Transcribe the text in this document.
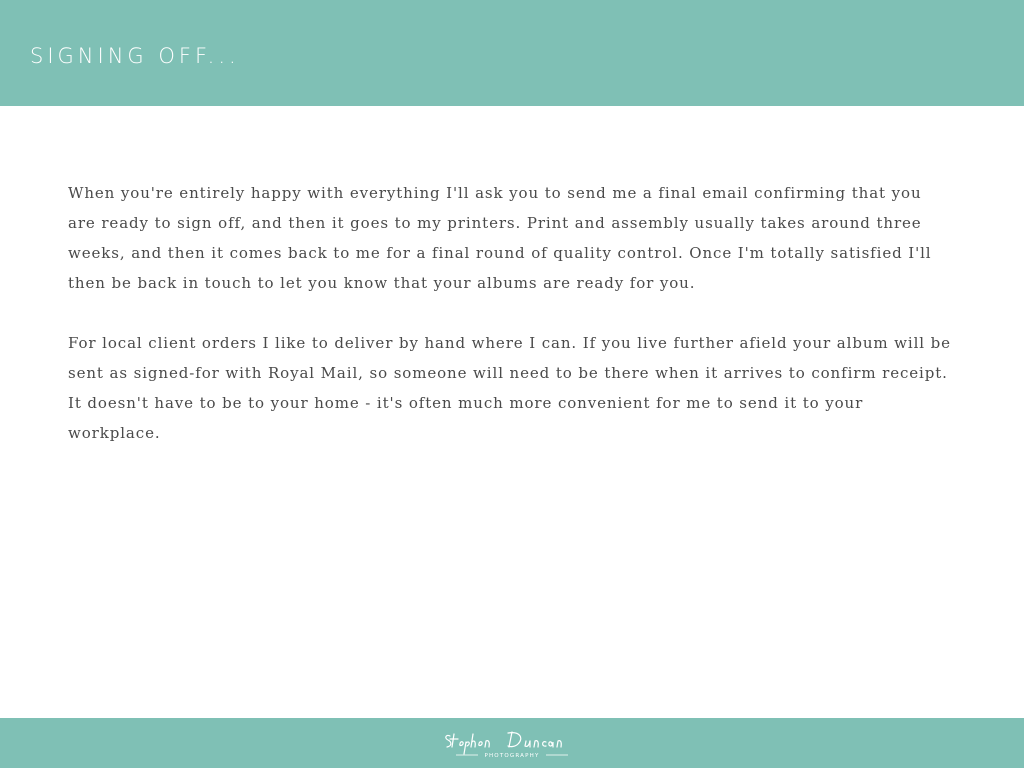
SIGNING OFF...

When you're entirely happy with everything I'll ask you to send me a final email confirming that you are ready to sign off, and then it goes to my printers. Print and assembly usually takes around three weeks, and then it comes back to me for a final round of quality control. Once I'm totally satisfied I'll then be back in touch to let you know that your albums are ready for you.

For local client orders I like to deliver by hand where I can. If you live further afield your album will be sent as signed-for with Royal Mail, so someone will need to be there when it arrives to confirm receipt. It doesn't have to be to your home - it's often much more convenient for me to send it to your workplace.

PHOTOGRAPHY
